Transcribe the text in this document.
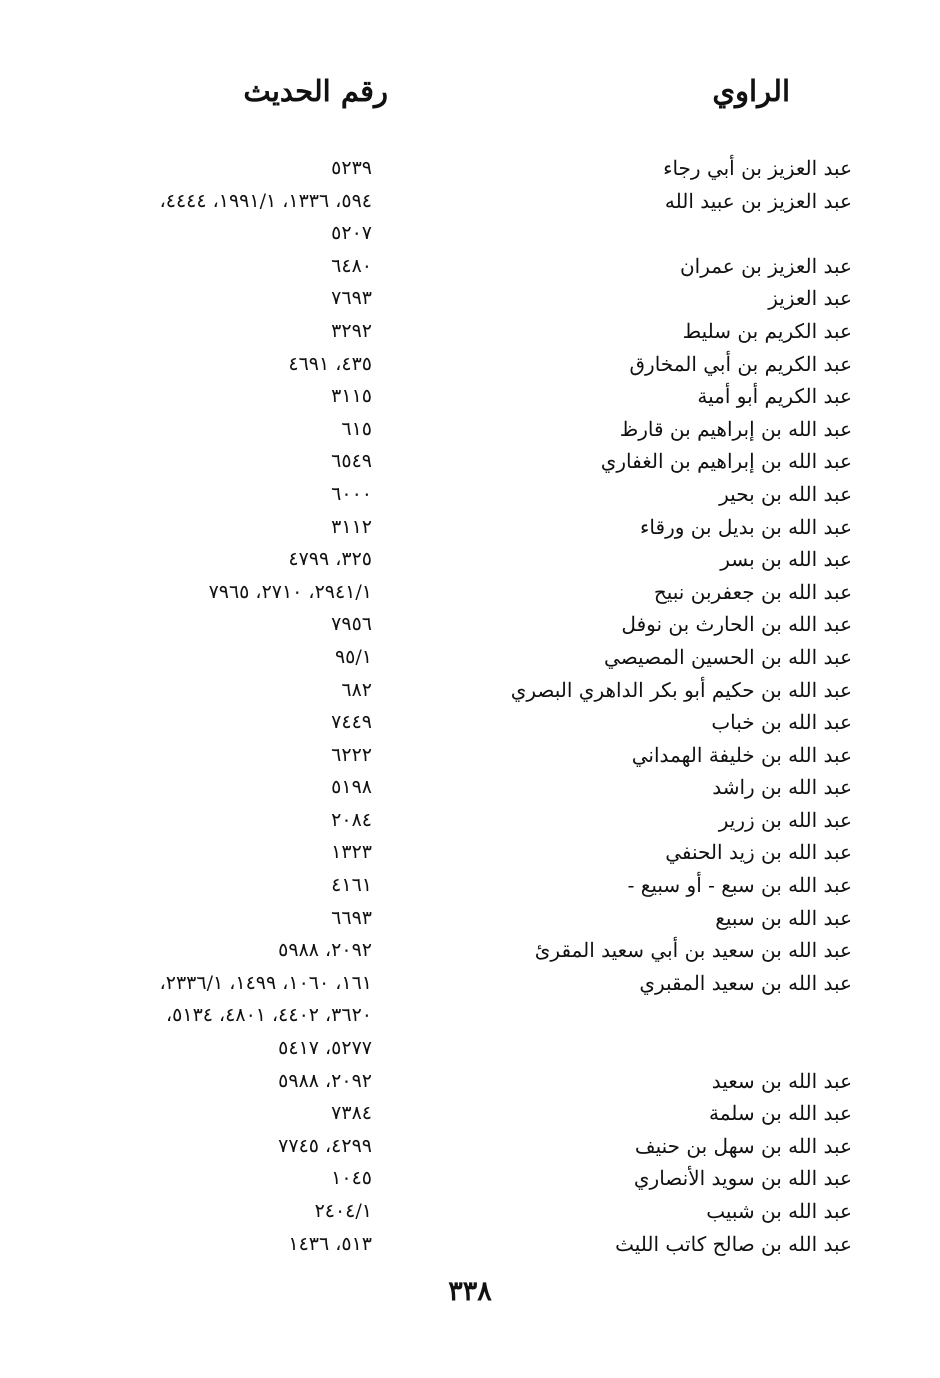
الراوي
رقم الحديث
عبد العزيز بن أبي رجاء
٥٢٣٩
عبد العزيز بن عبيد الله
٥٩٤، ١٣٣٦، ١٩٩١/١، ٤٤٤٤،
٥٢٠٧
عبد العزيز بن عمران
٦٤٨٠
عبد العزيز
٧٦٩٣
عبد الكريم بن سليط
٣٢٩٢
عبد الكريم بن أبي المخارق
٤٣٥، ٤٦٩١
عبد الكريم أبو أمية
٣١١٥
عبد الله بن إبراهيم بن قارظ
٦١٥
عبد الله بن إبراهيم بن الغفاري
٦٥٤٩
عبد الله بن بحير
٦٠٠٠
عبد الله بن بديل بن ورقاء
٣١١٢
عبد الله بن بسر
٣٢٥، ٤٧٩٩
عبد الله بن جعفربن نبيح
٢٩٤١/١، ٢٧١٠، ٧٩٦٥
عبد الله بن الحارث بن نوفل
٧٩٥٦
عبد الله بن الحسين المصيصي
٩٥/١
عبد الله بن حكيم أبو بكر الداهري البصري
٦٨٢
عبد الله بن خباب
٧٤٤٩
عبد الله بن خليفة الهمداني
٦٢٢٢
عبد الله بن راشد
٥١٩٨
عبد الله بن زرير
٢٠٨٤
عبد الله بن زيد الحنفي
١٣٢٣
عبد الله بن سبع - أو سبيع -
٤١٦١
عبد الله بن سبيع
٦٦٩٣
عبد الله بن سعيد بن أبي سعيد المقرئ
٢٠٩٢، ٥٩٨٨
عبد الله بن سعيد المقبري
١٦١، ١٠٦٠، ١٤٩٩، ٢٣٣٦/١،
٣٦٢٠، ٤٤٠٢، ٤٨٠١، ٥١٣٤،
٥٢٧٧، ٥٤١٧
عبد الله بن سعيد
٢٠٩٢، ٥٩٨٨
عبد الله بن سلمة
٧٣٨٤
عبد الله بن سهل بن حنيف
٤٢٩٩، ٧٧٤٥
عبد الله بن سويد الأنصاري
١٠٤٥
عبد الله بن شبيب
٢٤٠٤/١
عبد الله بن صالح كاتب الليث
٥١٣، ١٤٣٦
٣٣٨
